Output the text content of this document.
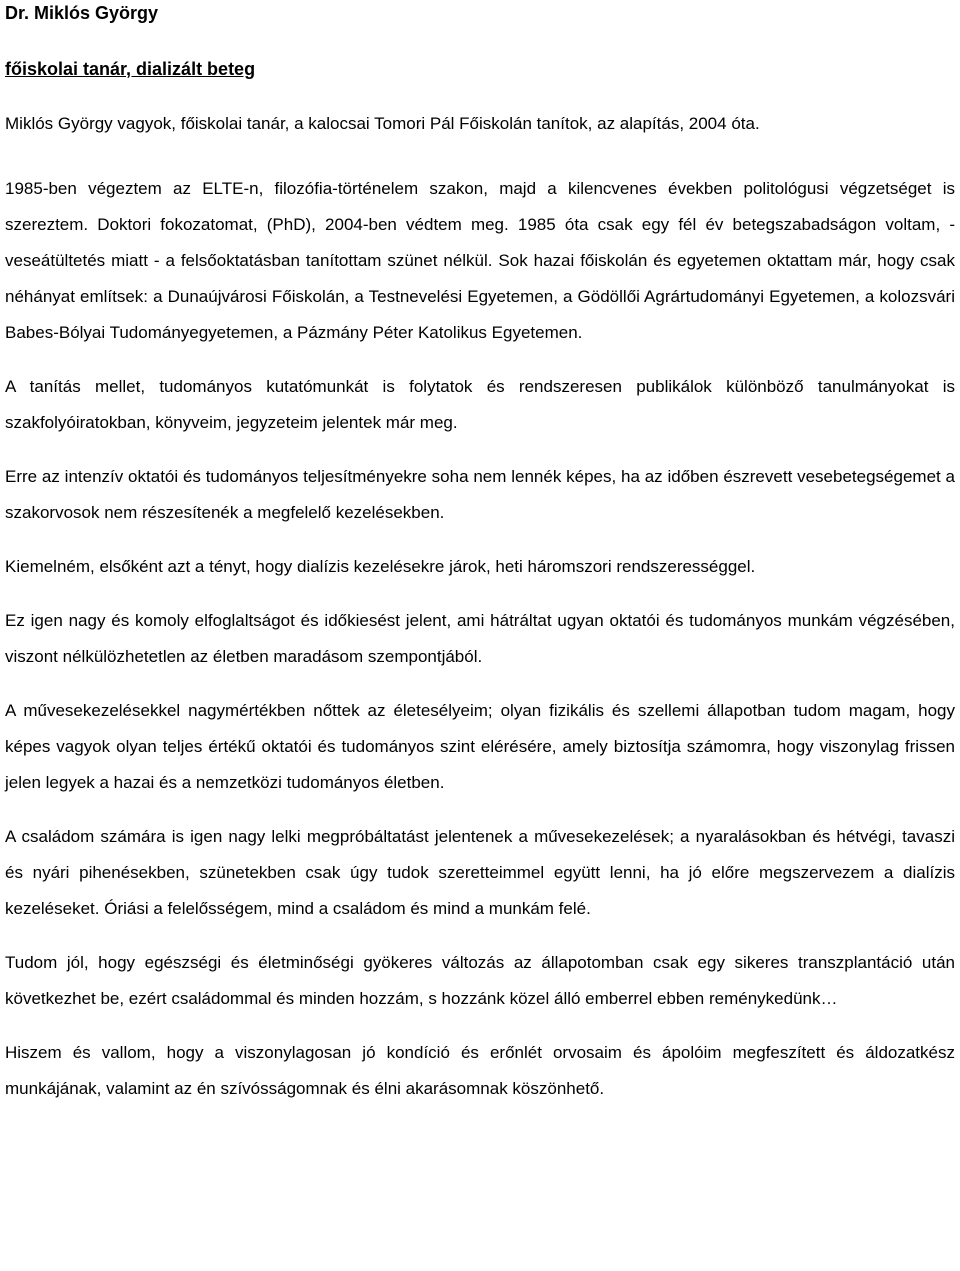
Dr. Miklós György
főiskolai tanár, dializált beteg

Miklós György vagyok, főiskolai tanár, a kalocsai Tomori Pál Főiskolán tanítok, az alapítás, 2004 óta.

1985-ben végeztem az ELTE-n, filozófia-történelem szakon, majd a kilencvenes években politológusi végzetséget is szereztem. Doktori fokozatomat, (PhD), 2004-ben védtem meg. 1985 óta csak egy fél év betegszabadságon voltam, - veseátültetés miatt - a felsőoktatásban tanítottam szünet nélkül. Sok hazai főiskolán és egyetemen oktattam már, hogy csak néhányat említsek: a Dunaújvárosi Főiskolán, a Testnevelési Egyetemen, a Gödöllői Agrártudományi Egyetemen, a kolozsvári Babes-Bólyai Tudományegyetemen, a Pázmány Péter Katolikus Egyetemen.

A tanítás mellet, tudományos kutatómunkát is folytatok és rendszeresen publikálok különböző tanulmányokat is szakfolyóiratokban, könyveim, jegyzeteim jelentek már meg.

Erre az intenzív oktatói és tudományos teljesítményekre soha nem lennék képes, ha az időben észrevett vesebetegségemet a szakorvosok nem részesítenék a megfelelő kezelésekben.

Kiemelném, elsőként azt a tényt, hogy dialízis kezelésekre járok, heti háromszori rendszerességgel.

Ez igen nagy és komoly elfoglaltságot és időkiesést jelent, ami hátráltat ugyan oktatói és tudományos munkám végzésében, viszont nélkülözhetetlen az életben maradásom szempontjából.

A művesekezelésekkel nagymértékben nőttek az életesélyeim; olyan fizikális és szellemi állapotban tudom magam, hogy képes vagyok olyan teljes értékű oktatói és tudományos szint elérésére, amely biztosítja számomra, hogy viszonylag frissen jelen legyek a hazai és a nemzetközi tudományos életben.

A családom számára is igen nagy lelki megpróbáltatást jelentenek a művesekezelések; a nyaralásokban és hétvégi, tavaszi és nyári pihenésekben, szünetekben csak úgy tudok szeretteimmel együtt lenni, ha jó előre megszervezem a dialízis kezeléseket. Óriási a felelősségem, mind a családom és mind a munkám felé.

Tudom jól, hogy egészségi és életminőségi gyökeres változás az állapotomban csak egy sikeres transzplantáció után következhet be, ezért családommal és minden hozzám, s hozzánk közel álló emberrel ebben reménykedünk…

Hiszem és vallom, hogy a viszonylagosan jó kondíció és erőnlét orvosaim és ápolóim megfeszített és áldozatkész munkájának, valamint az én szívósságomnak és élni akarásomnak köszönhető.
